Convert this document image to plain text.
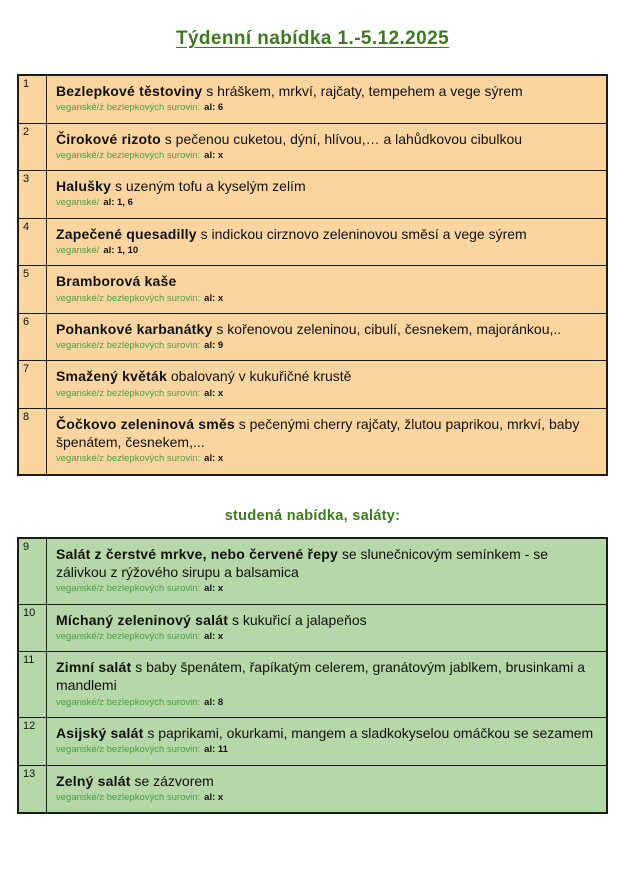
Týdenní nabídka 1.-5.12.2025
1	Bezlepkové těstoviny s hráškem, mrkví, rajčaty, tempehem a vege sýrem
veganské/z bezlepkových surovin: al: 6

2	Čirokové rizoto s pečenou cuketou, dýní, hlívou,… a lahůdkovou cibulkou
veganské/z bezlepkových surovin: al: x

3	Halušky s uzeným tofu a kyselým zelím
veganské/ al: 1, 6

4	Zapečené quesadilly s indickou cirznovo zeleninovou směsí a vege sýrem
veganské/ al: 1, 10

5	Bramborová kaše
veganské/z bezlepkových surovin: al: x

6	Pohankové karbanátky s kořenovou zeleninou, cibulí, česnekem, majoránkou,..
veganské/z bezlepkových surovin: al: 9

7	Smažený květák obalovaný v kukuřičné krustě
veganské/z bezlepkových surovin: al: x

8	Čočkovo zeleninová směs s pečenými cherry rajčaty, žlutou paprikou, mrkví, baby špenátem, česnekem,...
veganské/z bezlepkových surovin: al: x
studená nabídka, saláty:
9	Salát z čerstvé mrkve, nebo červené řepy se slunečnicovým semínkem - se zálivkou z rýžového sirupu a balsamica
veganské/z bezlepkových surovin: al: x

10	Míchaný zeleninový salát s kukuřicí a jalapeňos
veganské/z bezlepkových surovin: al: x

11	Zimní salát s baby špenátem, řapíkatým celerem, granátovým jablkem, brusinkami a mandlemi
veganské/z bezlepkových surovin: al: 8

12	Asijský salát s paprikami, okurkami, mangem a sladkokyselou omáčkou se sezamem
veganské/z bezlepkových surovin: al: 11

13	Zelný salát se zázvorem
veganské/z bezlepkových surovin: al: x
